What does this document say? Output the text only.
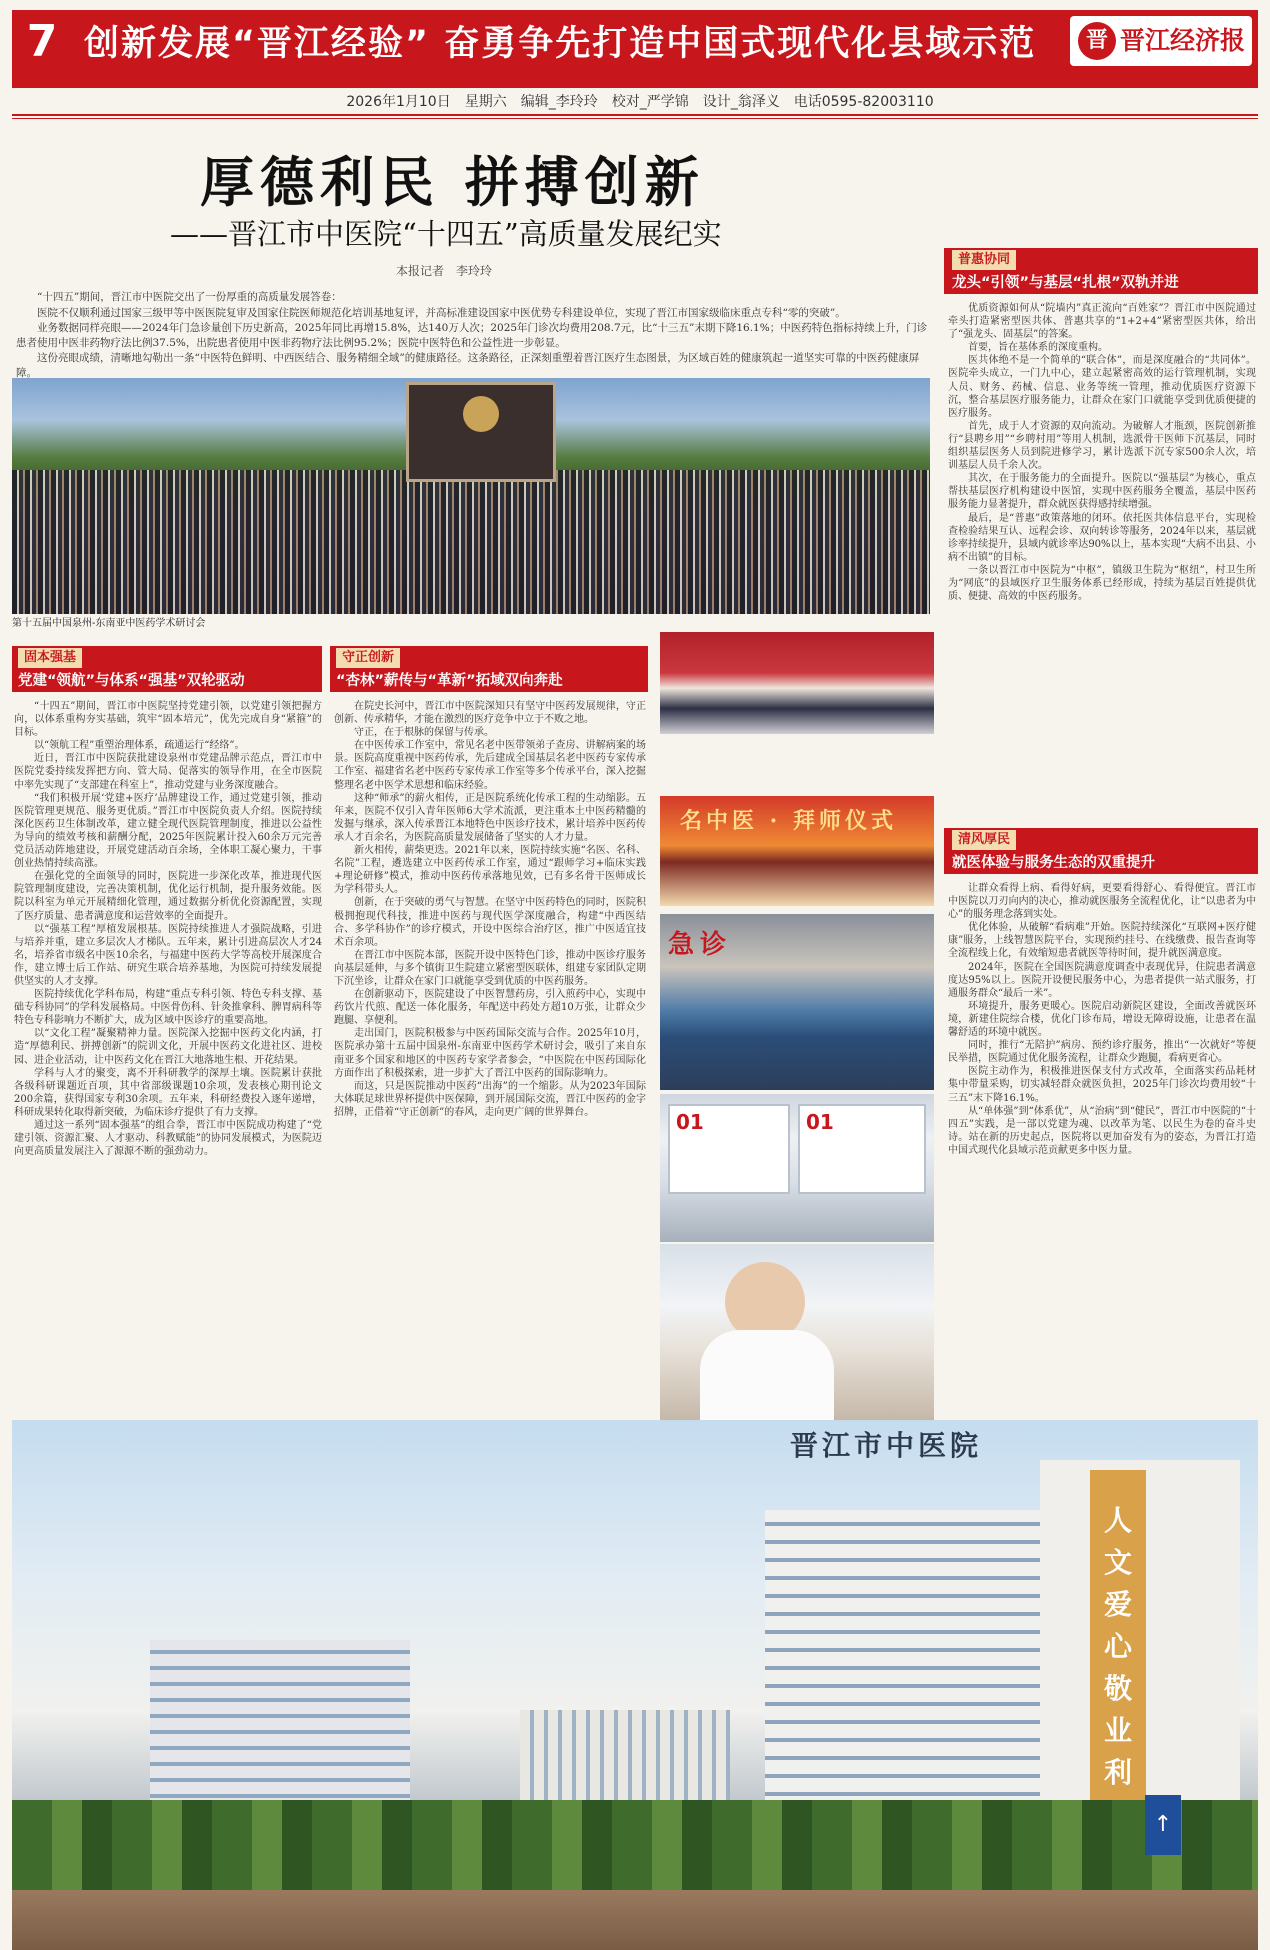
7 创新发展“晋江经验” 奋勇争先打造中国式现代化县域示范	晋 晋江经济报
2026年1月10日　星期六　编辑_李玲玲　校对_严学锦　设计_翁泽义　电话0595-82003110
厚德利民 拼搏创新
——晋江市中医院“十四五”高质量发展纪实
本报记者　李玲玲

“十四五”期间，晋江市中医院交出了一份厚重的高质量发展答卷：

医院不仅顺利通过国家三级甲等中医医院复审及国家住院医师规范化培训基地复评，并高标准建设国家中医优势专科建设单位，实现了晋江市国家级临床重点专科“零的突破”。

业务数据同样亮眼——2024年门急诊量创下历史新高，2025年同比再增15.8%，达140万人次；2025年门诊次均费用208.7元，比“十三五”末期下降16.1%；中医药特色指标持续上升，门诊患者使用中医非药物疗法比例37.5%，出院患者使用中医非药物疗法比例95.2%；医院中医特色和公益性进一步彰显。

这份亮眼成绩，清晰地勾勒出一条“中医特色鲜明、中西医结合、服务精细全域”的健康路径。这条路径，正深刻重塑着晋江医疗生态图景，为区域百姓的健康筑起一道坚实可靠的中医药健康屏障。

第十五届中国泉州-东南亚中医药学术研讨会
普惠协同
龙头“引领”与基层“扎根”双轨并进

优质资源如何从“院墙内”真正流向“百姓家”？晋江市中医院通过牵头打造紧密型医共体、普惠共享的“1+2+4”紧密型医共体，给出了“强龙头、固基层”的答案。

首要，旨在基体系的深度重构。

医共体绝不是一个简单的“联合体”，而是深度融合的“共同体”。医院牵头成立，一门九中心，建立起紧密高效的运行管理机制，实现人员、财务、药械、信息、业务等统一管理，推动优质医疗资源下沉，整合基层医疗服务能力，让群众在家门口就能享受到优质便捷的医疗服务。

首先，成于人才资源的双向流动。为破解人才瓶颈，医院创新推行“县聘乡用”“乡聘村用”等用人机制，选派骨干医师下沉基层，同时组织基层医务人员到院进修学习，累计选派下沉专家500余人次，培训基层人员千余人次。

其次，在于服务能力的全面提升。医院以“强基层”为核心，重点帮扶基层医疗机构建设中医馆，实现中医药服务全覆盖，基层中医药服务能力显著提升，群众就医获得感持续增强。

最后，是“普惠”政策落地的闭环。依托医共体信息平台，实现检查检验结果互认、远程会诊、双向转诊等服务，2024年以来，基层就诊率持续提升，县域内就诊率达90%以上，基本实现“大病不出县、小病不出镇”的目标。

一条以晋江市中医院为“中枢”，镇级卫生院为“枢纽”，村卫生所为“网底”的县域医疗卫生服务体系已经形成，持续为基层百姓提供优质、便捷、高效的中医药服务。

清风厚民
就医体验与服务生态的双重提升

让群众看得上病、看得好病，更要看得舒心、看得便宜。晋江市中医院以刀刃向内的决心，推动就医服务全流程优化，让“以患者为中心”的服务理念落到实处。

优化体验，从破解“看病难”开始。医院持续深化“互联网+医疗健康”服务，上线智慧医院平台，实现预约挂号、在线缴费、报告查询等全流程线上化，有效缩短患者就医等待时间，提升就医满意度。

2024年，医院在全国医院满意度调查中表现优异，住院患者满意度达95%以上。医院开设便民服务中心，为患者提供一站式服务，打通服务群众“最后一米”。

环境提升，服务更暖心。医院启动新院区建设，全面改善就医环境，新建住院综合楼，优化门诊布局，增设无障碍设施，让患者在温馨舒适的环境中就医。

同时，推行“无陪护”病房、预约诊疗服务，推出“一次就好”等便民举措，医院通过优化服务流程，让群众少跑腿，看病更省心。

医院主动作为，积极推进医保支付方式改革，全面落实药品耗材集中带量采购，切实减轻群众就医负担，2025年门诊次均费用较“十三五”末下降16.1%。

从“单体强”到“体系优”，从“治病”到“健民”，晋江市中医院的“十四五”实践，是一部以党建为魂、以改革为笔、以民生为卷的奋斗史诗。站在新的历史起点，医院将以更加奋发有为的姿态，为晋江打造中国式现代化县域示范贡献更多中医力量。

固本强基
党建“领航”与体系“强基”双轮驱动

“十四五”期间，晋江市中医院坚持党建引领，以党建引领把握方向，以体系重构夯实基础，筑牢“固本培元”，优先完成自身“紧箍”的目标。

以“领航工程”重塑治理体系，疏通运行“经络”。

近日，晋江市中医院获批建设泉州市党建品牌示范点，晋江市中医院党委持续发挥把方向、管大局、促落实的领导作用，在全市医院中率先实现了“支部建在科室上”，推动党建与业务深度融合。

“我们积极开展‘党建+医疗’品牌建设工作，通过党建引领，推动医院管理更规范、服务更优质。”晋江市中医院负责人介绍。医院持续深化医药卫生体制改革，建立健全现代医院管理制度，推进以公益性为导向的绩效考核和薪酬分配，2025年医院累计投入60余万元完善党员活动阵地建设，开展党建活动百余场，全体职工凝心聚力，干事创业热情持续高涨。

在强化党的全面领导的同时，医院进一步深化改革，推进现代医院管理制度建设，完善决策机制，优化运行机制，提升服务效能。医院以科室为单元开展精细化管理，通过数据分析优化资源配置，实现了医疗质量、患者满意度和运营效率的全面提升。

以“强基工程”厚植发展根基。医院持续推进人才强院战略，引进与培养并重，建立多层次人才梯队。五年来，累计引进高层次人才24名，培养省市级名中医10余名，与福建中医药大学等高校开展深度合作，建立博士后工作站、研究生联合培养基地，为医院可持续发展提供坚实的人才支撑。

医院持续优化学科布局，构建“重点专科引领、特色专科支撑、基础专科协同”的学科发展格局。中医骨伤科、针灸推拿科、脾胃病科等特色专科影响力不断扩大，成为区域中医诊疗的重要高地。

以“文化工程”凝聚精神力量。医院深入挖掘中医药文化内涵，打造“厚德利民、拼搏创新”的院训文化，开展中医药文化进社区、进校园、进企业活动，让中医药文化在晋江大地落地生根、开花结果。

学科与人才的聚变，离不开科研教学的深厚土壤。医院累计获批各级科研课题近百项，其中省部级课题10余项，发表核心期刊论文200余篇，获得国家专利30余项。五年来，科研经费投入逐年递增，科研成果转化取得新突破，为临床诊疗提供了有力支撑。

通过这一系列“固本强基”的组合拳，晋江市中医院成功构建了“党建引领、资源汇聚、人才驱动、科教赋能”的协同发展模式，为医院迈向更高质量发展注入了源源不断的强劲动力。

守正创新
“杏林”薪传与“革新”拓域双向奔赴

在院史长河中，晋江市中医院深知只有坚守中医药发展规律，守正创新、传承精华，才能在激烈的医疗竞争中立于不败之地。

守正，在于根脉的保留与传承。

在中医传承工作室中，常见名老中医带领弟子查房、讲解病案的场景。医院高度重视中医药传承，先后建成全国基层名老中医药专家传承工作室、福建省名老中医药专家传承工作室等多个传承平台，深入挖掘整理名老中医学术思想和临床经验。

这种“师承”的薪火相传，正是医院系统化传承工程的生动缩影。五年来，医院不仅引入青年医师6大学术流派，更注重本土中医药精髓的发掘与继承，深入传承晋江本地特色中医诊疗技术，累计培养中医药传承人才百余名，为医院高质量发展储备了坚实的人才力量。

新火相传，薪柴更迭。2021年以来，医院持续实施“名医、名科、名院”工程，遴选建立中医药传承工作室，通过“跟师学习+临床实践+理论研修”模式，推动中医药传承落地见效，已有多名骨干医师成长为学科带头人。

创新，在于突破的勇气与智慧。在坚守中医药特色的同时，医院积极拥抱现代科技，推进中医药与现代医学深度融合，构建“中西医结合、多学科协作”的诊疗模式，开设中医综合治疗区，推广中医适宜技术百余项。

在晋江市中医院本部，医院开设中医特色门诊，推动中医诊疗服务向基层延伸，与多个镇街卫生院建立紧密型医联体，组建专家团队定期下沉坐诊，让群众在家门口就能享受到优质的中医药服务。

在创新驱动下，医院建设了中医智慧药房，引入煎药中心，实现中药饮片代煎、配送一体化服务，年配送中药处方超10万张，让群众少跑腿、享便利。

走出国门，医院积极参与中医药国际交流与合作。2025年10月，医院承办第十五届中国泉州-东南亚中医药学术研讨会，吸引了来自东南亚多个国家和地区的中医药专家学者参会，“中医院在中医药国际化方面作出了积极探索，进一步扩大了晋江中医药的国际影响力。

而这，只是医院推动中医药“出海”的一个缩影。从为2023年国际大体联足球世界杯提供中医保障，到开展国际交流，晋江中医药的金字招牌，正借着“守正创新”的春风，走向更广阔的世界舞台。

名中医 · 拜师仪式
急诊
01	01
晋江市中医院
人文爱心敬业利
↑
